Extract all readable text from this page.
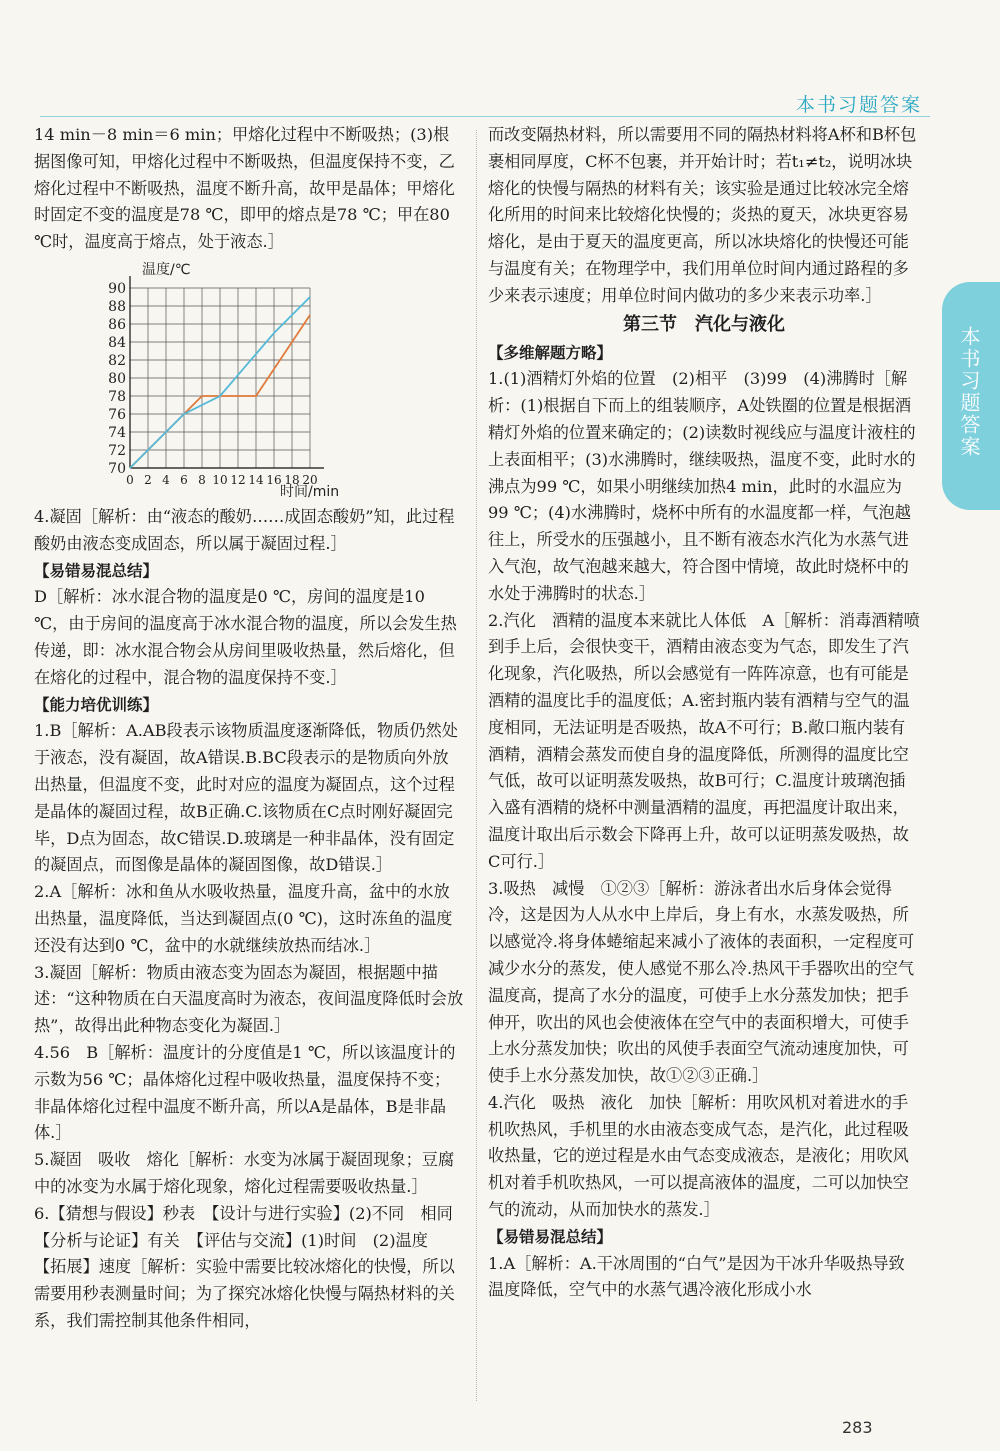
本书习题答案
本书习题答案

14 min－8 min＝6 min；甲熔化过程中不断吸热；(3)根据图像可知，甲熔化过程中不断吸热，但温度保持不变，乙熔化过程中不断吸热，温度不断升高，故甲是晶体；甲熔化时固定不变的温度是78 ℃，即甲的熔点是78 ℃；甲在80 ℃时，温度高于熔点，处于液态.］

70
72
74
76
78
80
82
84
86
88
90
0 2 4 6 8 10 12 14 16 18 20
温度/℃
时间/min

4.凝固［解析：由“液态的酸奶……成固态酸奶”知，此过程酸奶由液态变成固态，所以属于凝固过程.］

【易错易混总结】

D［解析：冰水混合物的温度是0 ℃，房间的温度是10 ℃，由于房间的温度高于冰水混合物的温度，所以会发生热传递，即：冰水混合物会从房间里吸收热量，然后熔化，但在熔化的过程中，混合物的温度保持不变.］

【能力培优训练】

1.B［解析：A.AB段表示该物质温度逐渐降低，物质仍然处于液态，没有凝固，故A错误.B.BC段表示的是物质向外放出热量，但温度不变，此时对应的温度为凝固点，这个过程是晶体的凝固过程，故B正确.C.该物质在C点时刚好凝固完毕，D点为固态，故C错误.D.玻璃是一种非晶体，没有固定的凝固点，而图像是晶体的凝固图像，故D错误.］

2.A［解析：冰和鱼从水吸收热量，温度升高，盆中的水放出热量，温度降低，当达到凝固点(0 ℃)，这时冻鱼的温度还没有达到0 ℃，盆中的水就继续放热而结冰.］

3.凝固［解析：物质由液态变为固态为凝固，根据题中描述：“这种物质在白天温度高时为液态，夜间温度降低时会放热”，故得出此种物态变化为凝固.］

4.56　B［解析：温度计的分度值是1 ℃，所以该温度计的示数为56 ℃；晶体熔化过程中吸收热量，温度保持不变；非晶体熔化过程中温度不断升高，所以A是晶体，B是非晶体.］

5.凝固　吸收　熔化［解析：水变为冰属于凝固现象；豆腐中的冰变为水属于熔化现象，熔化过程需要吸收热量.］

6.【猜想与假设】秒表　【设计与进行实验】(2)不同　相同　【分析与论证】有关　【评估与交流】(1)时间　(2)温度　【拓展】速度［解析：实验中需要比较冰熔化的快慢，所以需要用秒表测量时间；为了探究冰熔化快慢与隔热材料的关系，我们需控制其他条件相同，

而改变隔热材料，所以需要用不同的隔热材料将A杯和B杯包裹相同厚度，C杯不包裹，并开始计时；若t₁≠t₂，说明冰块熔化的快慢与隔热的材料有关；该实验是通过比较冰完全熔化所用的时间来比较熔化快慢的；炎热的夏天，冰块更容易熔化，是由于夏天的温度更高，所以冰块熔化的快慢还可能与温度有关；在物理学中，我们用单位时间内通过路程的多少来表示速度；用单位时间内做功的多少来表示功率.］

第三节　汽化与液化

【多维解题方略】

1.(1)酒精灯外焰的位置　(2)相平　(3)99　(4)沸腾时［解析：(1)根据自下而上的组装顺序，A处铁圈的位置是根据酒精灯外焰的位置来确定的；(2)读数时视线应与温度计液柱的上表面相平；(3)水沸腾时，继续吸热，温度不变，此时水的沸点为99 ℃，如果小明继续加热4 min，此时的水温应为99 ℃；(4)水沸腾时，烧杯中所有的水温度都一样，气泡越往上，所受水的压强越小，且不断有液态水汽化为水蒸气进入气泡，故气泡越来越大，符合图中情境，故此时烧杯中的水处于沸腾时的状态.］

2.汽化　酒精的温度本来就比人体低　A［解析：消毒酒精喷到手上后，会很快变干，酒精由液态变为气态，即发生了汽化现象，汽化吸热，所以会感觉有一阵阵凉意，也有可能是酒精的温度比手的温度低；A.密封瓶内装有酒精与空气的温度相同，无法证明是否吸热，故A不可行；B.敞口瓶内装有酒精，酒精会蒸发而使自身的温度降低，所测得的温度比空气低，故可以证明蒸发吸热，故B可行；C.温度计玻璃泡插入盛有酒精的烧杯中测量酒精的温度，再把温度计取出来，温度计取出后示数会下降再上升，故可以证明蒸发吸热，故C可行.］

3.吸热　减慢　①②③［解析：游泳者出水后身体会觉得冷，这是因为人从水中上岸后，身上有水，水蒸发吸热，所以感觉冷.将身体蜷缩起来减小了液体的表面积，一定程度可减少水分的蒸发，使人感觉不那么冷.热风干手器吹出的空气温度高，提高了水分的温度，可使手上水分蒸发加快；把手伸开，吹出的风也会使液体在空气中的表面积增大，可使手上水分蒸发加快；吹出的风使手表面空气流动速度加快，可使手上水分蒸发加快，故①②③正确.］

4.汽化　吸热　液化　加快［解析：用吹风机对着进水的手机吹热风，手机里的水由液态变成气态，是汽化，此过程吸收热量，它的逆过程是水由气态变成液态，是液化；用吹风机对着手机吹热风，一可以提高液体的温度，二可以加快空气的流动，从而加快水的蒸发.］

【易错易混总结】

1.A［解析：A.干冰周围的“白气”是因为干冰升华吸热导致温度降低，空气中的水蒸气遇冷液化形成小水

283
